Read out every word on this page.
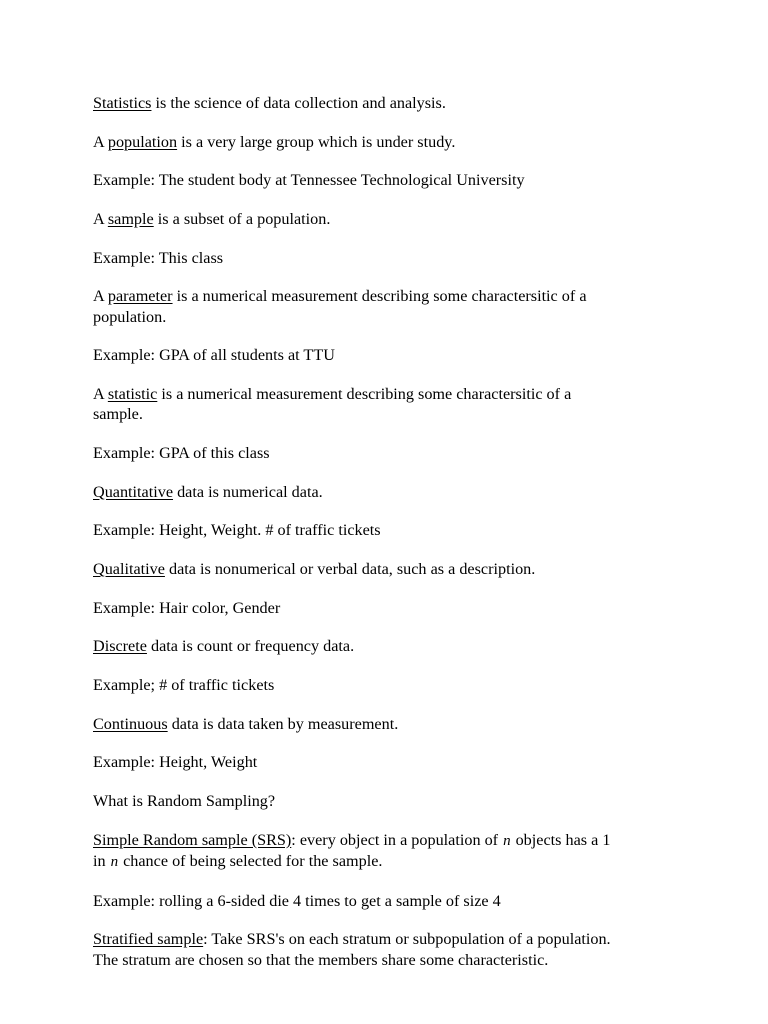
Statistics is the science of data collection and analysis.

A population is a very large group which is under study.

Example: The student body at Tennessee Technological University

A sample is a subset of a population.

Example: This class

A parameter is a numerical measurement describing some charactersitic of a
population.

Example: GPA of all students at TTU

A statistic is a numerical measurement describing some charactersitic of a
sample.

Example: GPA of this class

Quantitative data is numerical data.

Example: Height, Weight. # of traffic tickets

Qualitative data is nonumerical or verbal data, such as a description.

Example: Hair color, Gender

Discrete data is count or frequency data.

Example; # of traffic tickets

Continuous data is data taken by measurement.

Example: Height, Weight

What is Random Sampling?

Simple Random sample (SRS): every object in a population of n objects has a 1
in n chance of being selected for the sample.

Example: rolling a 6-sided die 4 times to get a sample of size 4

Stratified sample: Take SRS's on each stratum or subpopulation of a population.
The stratum are chosen so that the members share some characteristic.
